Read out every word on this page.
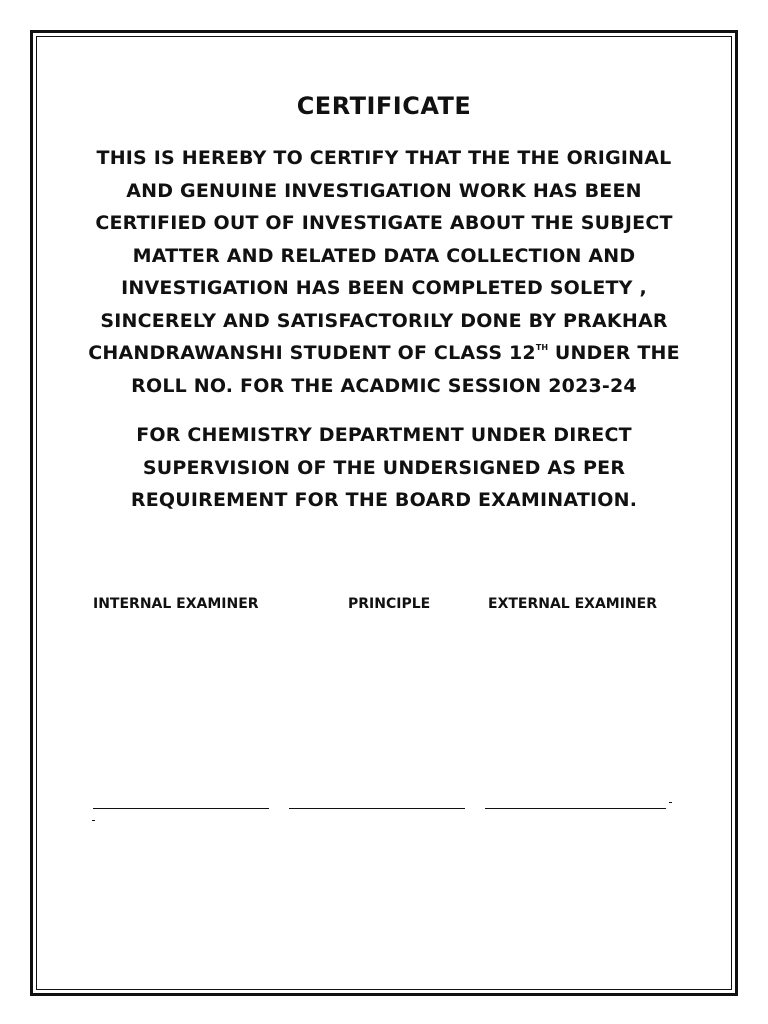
CERTIFICATE

THIS IS HEREBY TO CERTIFY THAT THE THE ORIGINAL AND GENUINE INVESTIGATION WORK HAS BEEN CERTIFIED OUT OF INVESTIGATE ABOUT THE SUBJECT MATTER AND RELATED DATA COLLECTION AND INVESTIGATION HAS BEEN COMPLETED SOLETY , SINCERELY AND SATISFACTORILY DONE BY PRAKHAR CHANDRAWANSHI STUDENT OF CLASS 12TH UNDER THE ROLL NO. FOR THE ACADMIC SESSION 2023-24

FOR CHEMISTRY DEPARTMENT UNDER DIRECT SUPERVISION OF THE UNDERSIGNED AS PER REQUIREMENT FOR THE BOARD EXAMINATION.

INTERNAL EXAMINER	PRINCIPLE	EXTERNAL EXAMINER
